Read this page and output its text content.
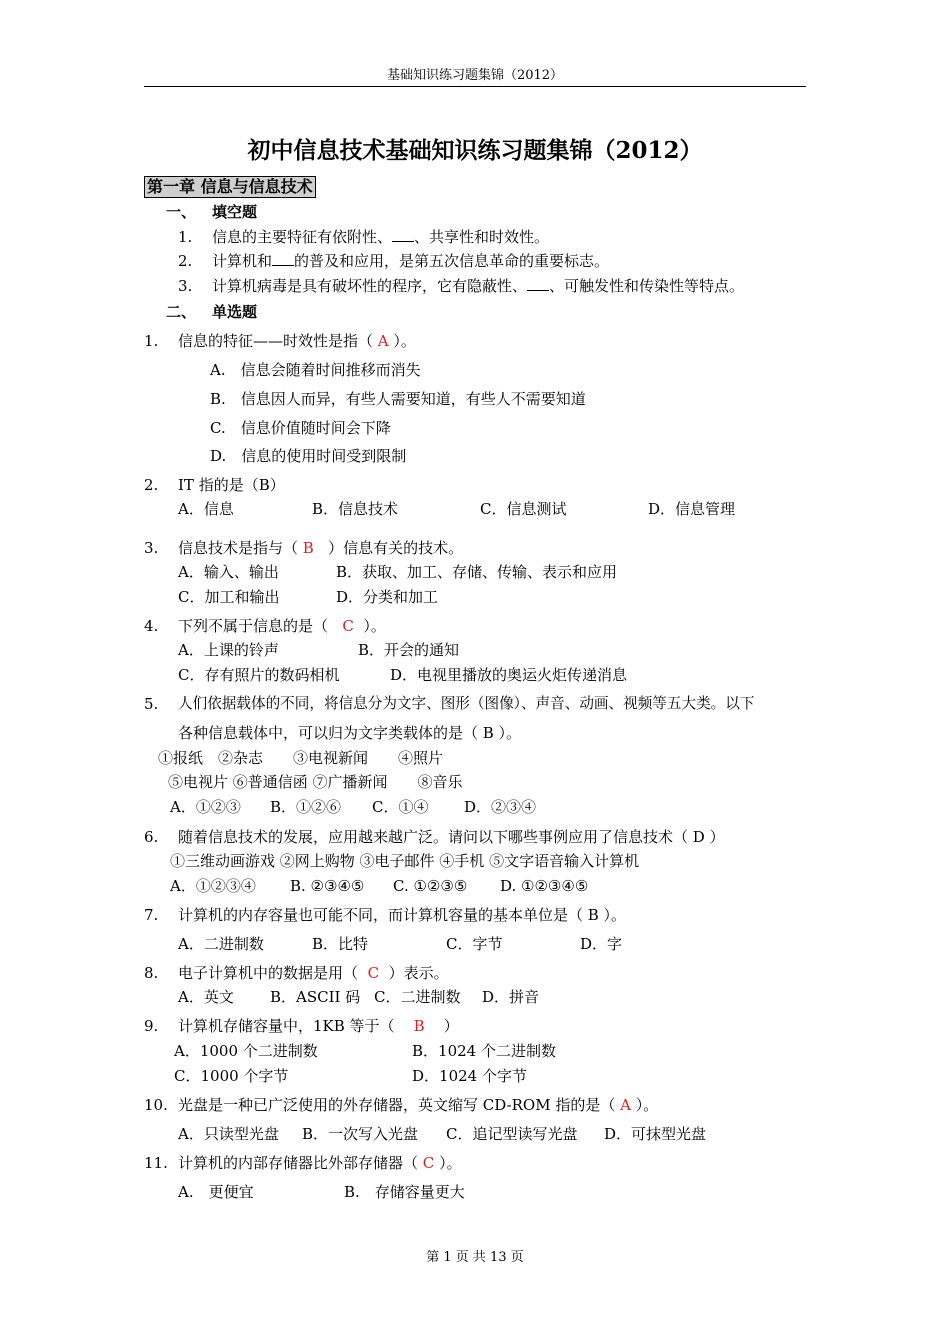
基础知识练习题集锦（2012）
初中信息技术基础知识练习题集锦（2012）
第一章 信息与信息技术
一、 填空题
1. 信息的主要特征有依附性、 、共享性和时效性。
2. 计算机和 的普及和应用，是第五次信息革命的重要标志。
3. 计算机病毒是具有破坏性的程序，它有隐蔽性、 、可触发性和传染性等特点。
二、 单选题
1. 信息的特征——时效性是指（ A ）。
A.　信息会随着时间推移而消失
B.　信息因人而异，有些人需要知道，有些人不需要知道
C.　信息价值随时间会下降
D.　信息的使用时间受到限制
2. IT 指的是（B）
A．信息	B．信息技术	C．信息测试	D．信息管理
3. 信息技术是指与（ B ）信息有关的技术。
A．输入、输出	B．获取、加工、存储、传输、表示和应用
C．加工和输出	D．分类和加工
4. 下列不属于信息的是（ C ）。
A．上课的铃声	B．开会的通知
C．存有照片的数码相机	D．电视里播放的奥运火炬传递消息
5. 人们依据载体的不同，将信息分为文字、图形（图像）、声音、动画、视频等五大类。以下
各种信息载体中，可以归为文字类载体的是（ B ）。
①报纸　②杂志　　③电视新闻　　④照片
⑤电视片 ⑥普通信函 ⑦广播新闻　　⑧音乐
A．①②③ B．①②⑥ C．①④ D．②③④
6. 随着信息技术的发展，应用越来越广泛。请问以下哪些事例应用了信息技术（ D ）
①三维动画游戏 ②网上购物 ③电子邮件 ④手机 ⑤文字语音输入计算机
A．①②③④ B. ②③④⑤ C. ①②③⑤ D. ①②③④⑤
7. 计算机的内存容量也可能不同，而计算机容量的基本单位是（ B ）。
A．二进制数	B．比特	C．字节	D．字
8. 电子计算机中的数据是用（ C ）表示。
A．英文 B．ASCII 码 C．二进制数 D．拼音
9. 计算机存储容量中，1KB 等于（ B ）
A．1000 个二进制数	B．1024 个二进制数
C．1000 个字节	D．1024 个字节
10. 光盘是一种已广泛使用的外存储器，英文缩写 CD-ROM 指的是（ A ）。
A．只读型光盘 B．一次写入光盘 C．追记型读写光盘 D．可抹型光盘
11. 计算机的内部存储器比外部存储器（ C ）。
A.　更便宜	B.　存储容量更大
第 1 页 共 13 页
